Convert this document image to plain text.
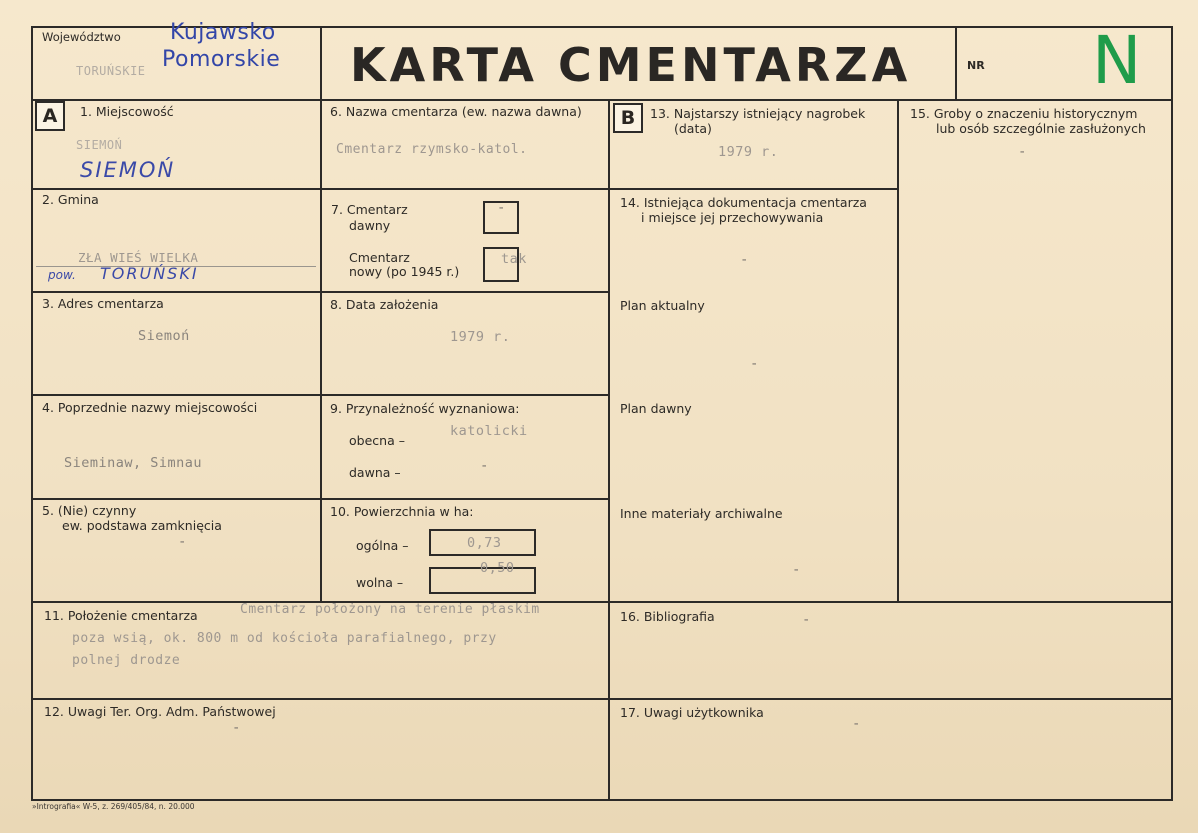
Województwo
TORUŃSKIE
Kujawsko
Pomorskie KARTA CMENTARZA	NR N
A	B
1. Miejscowość
SIEMOŃ
SIEMOŃ
2. Gmina
ZŁA WIEŚ WIELKA
pow. TORUŃSKI
3. Adres cmentarza
Siemoń
4. Poprzednie nazwy miejscowości
Sieminaw, Simnau
5. (Nie) czynny
ew. podstawa zamknięcia
-
6. Nazwa cmentarza (ew. nazwa dawna)
Cmentarz rzymsko-katol.
7. Cmentarz
dawny
-
Cmentarz
nowy (po 1945 r.)
tak
8. Data założenia
1979 r.
9. Przynależność wyznaniowa:
obecna –
katolicki
dawna –	-
10. Powierzchnia w ha:
ogólna –	0,73
wolna –
0,50
11. Położenie cmentarza	Cmentarz położony na terenie płaskim
poza wsią, ok. 800 m od kościoła parafialnego, przy
polnej drodze
12. Uwagi Ter. Org. Adm. Państwowej
-
13. Najstarszy istniejący nagrobek
(data)
1979 r.
14. Istniejąca dokumentacja cmentarza
i miejsce jej przechowywania
-
Plan aktualny
-
Plan dawny
Inne materiały archiwalne
-
15. Groby o znaczeniu historycznym
lub osób szczególnie zasłużonych
-
16. Bibliografia	-
17. Uwagi użytkownika
-
»Intrografia« W-5, z. 269/405/84, n. 20.000
